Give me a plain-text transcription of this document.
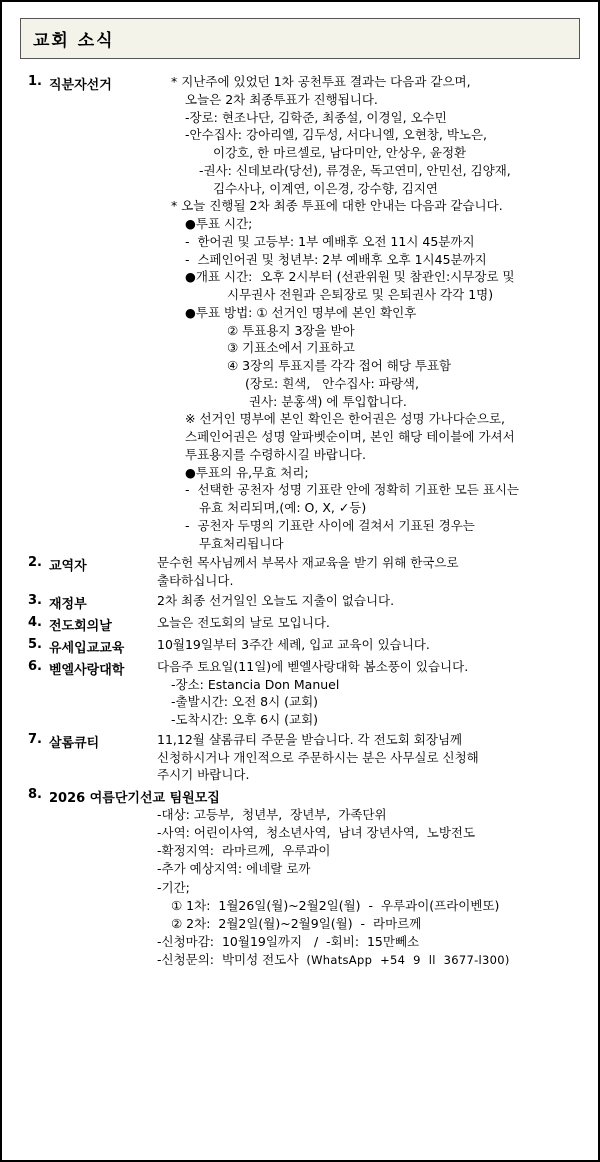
교회 소식
1. 직분자선거	* 지난주에 있었던 1차 공천투표 결과는 다음과 같으며,
오늘은 2차 최종투표가 진행됩니다.
-장로: 현조나단, 김학준, 최종설, 이경일, 오수민
-안수집사: 강아리엘, 김두성, 서다니엘, 오현창, 박노은,
이강호, 한 마르셀로, 남다미안, 안상우, 윤정환
-권사: 신데보라(당선), 류경운, 독고연미, 안민선, 김양재,
김수사나, 이계연, 이은경, 강수향, 김지연
* 오늘 진행될 2차 최종 투표에 대한 안내는 다음과 같습니다.
●투표 시간;
-  한어권 및 고등부: 1부 예배후 오전 11시 45분까지
-  스페인어권 및 청년부: 2부 예배후 오후 1시45분까지
●개표 시간:  오후 2시부터 (선관위원 및 참관인:시무장로 및
시무권사 전원과 은퇴장로 및 은퇴권사 각각 1명)
●투표 방법: ① 선거인 명부에 본인 확인후
② 투표용지 3장을 받아
③ 기표소에서 기표하고
④ 3장의 투표지를 각각 접어 해당 투표함
(장로: 흰색,   안수집사: 파랑색,
권사: 분홍색) 에 투입합니다.
※ 선거인 명부에 본인 확인은 한어권은 성명 가나다순으로,
스페인어권은 성명 알파벳순이며, 본인 해당 테이블에 가셔서
투표용지를 수령하시길 바랍니다.
●투표의 유,무효 처리;
-  선택한 공천자 성명 기표란 안에 정확히 기표한 모든 표시는
유효 처리되며,(예: O, X, ✓등)
-  공천자 두명의 기표란 사이에 걸쳐서 기표된 경우는
무효처리됩니다
2. 교역자	문수헌 목사님께서 부목사 재교육을 받기 위해 한국으로
출타하십니다.
3. 재정부	2차 최종 선거일인 오늘도 지출이 없습니다.
4. 전도회의날	오늘은 전도회의 날로 모입니다.
5. 유세입교교육	10월19일부터 3주간 세례, 입교 교육이 있습니다.
6. 벧엘사랑대학	다음주 토요일(11일)에 벧엘사랑대학 봄소풍이 있습니다.
-장소: Estancia Don Manuel
-출발시간: 오전 8시 (교회)
-도착시간: 오후 6시 (교회)
7. 살롬큐티	11,12월 샬롬큐티 주문을 받습니다. 각 전도회 회장님께
신청하시거나 개인적으로 주문하시는 분은 사무실로 신청해
주시기 바랍니다.
8. 2026 여름단기선교 팀원모집
-대상: 고등부,  청년부,  장년부,  가족단위
-사역: 어린이사역,  청소년사역,  남녀 장년사역,  노방전도
-확정지역:  라마르께,  우루과이
-추가 예상지역: 에네랄 로까
-기간;
① 1차:  1월26일(월)~2월2일(월)  -  우루과이(프라이벤또)
② 2차:  2월2일(월)~2월9일(월)  -  라마르께
-신청마감:  10월19일까지   /  -회비:  15만뻬소
-신청문의:  박미성 전도사  (WhatsApp  +54  9  ll  3677-l300)
